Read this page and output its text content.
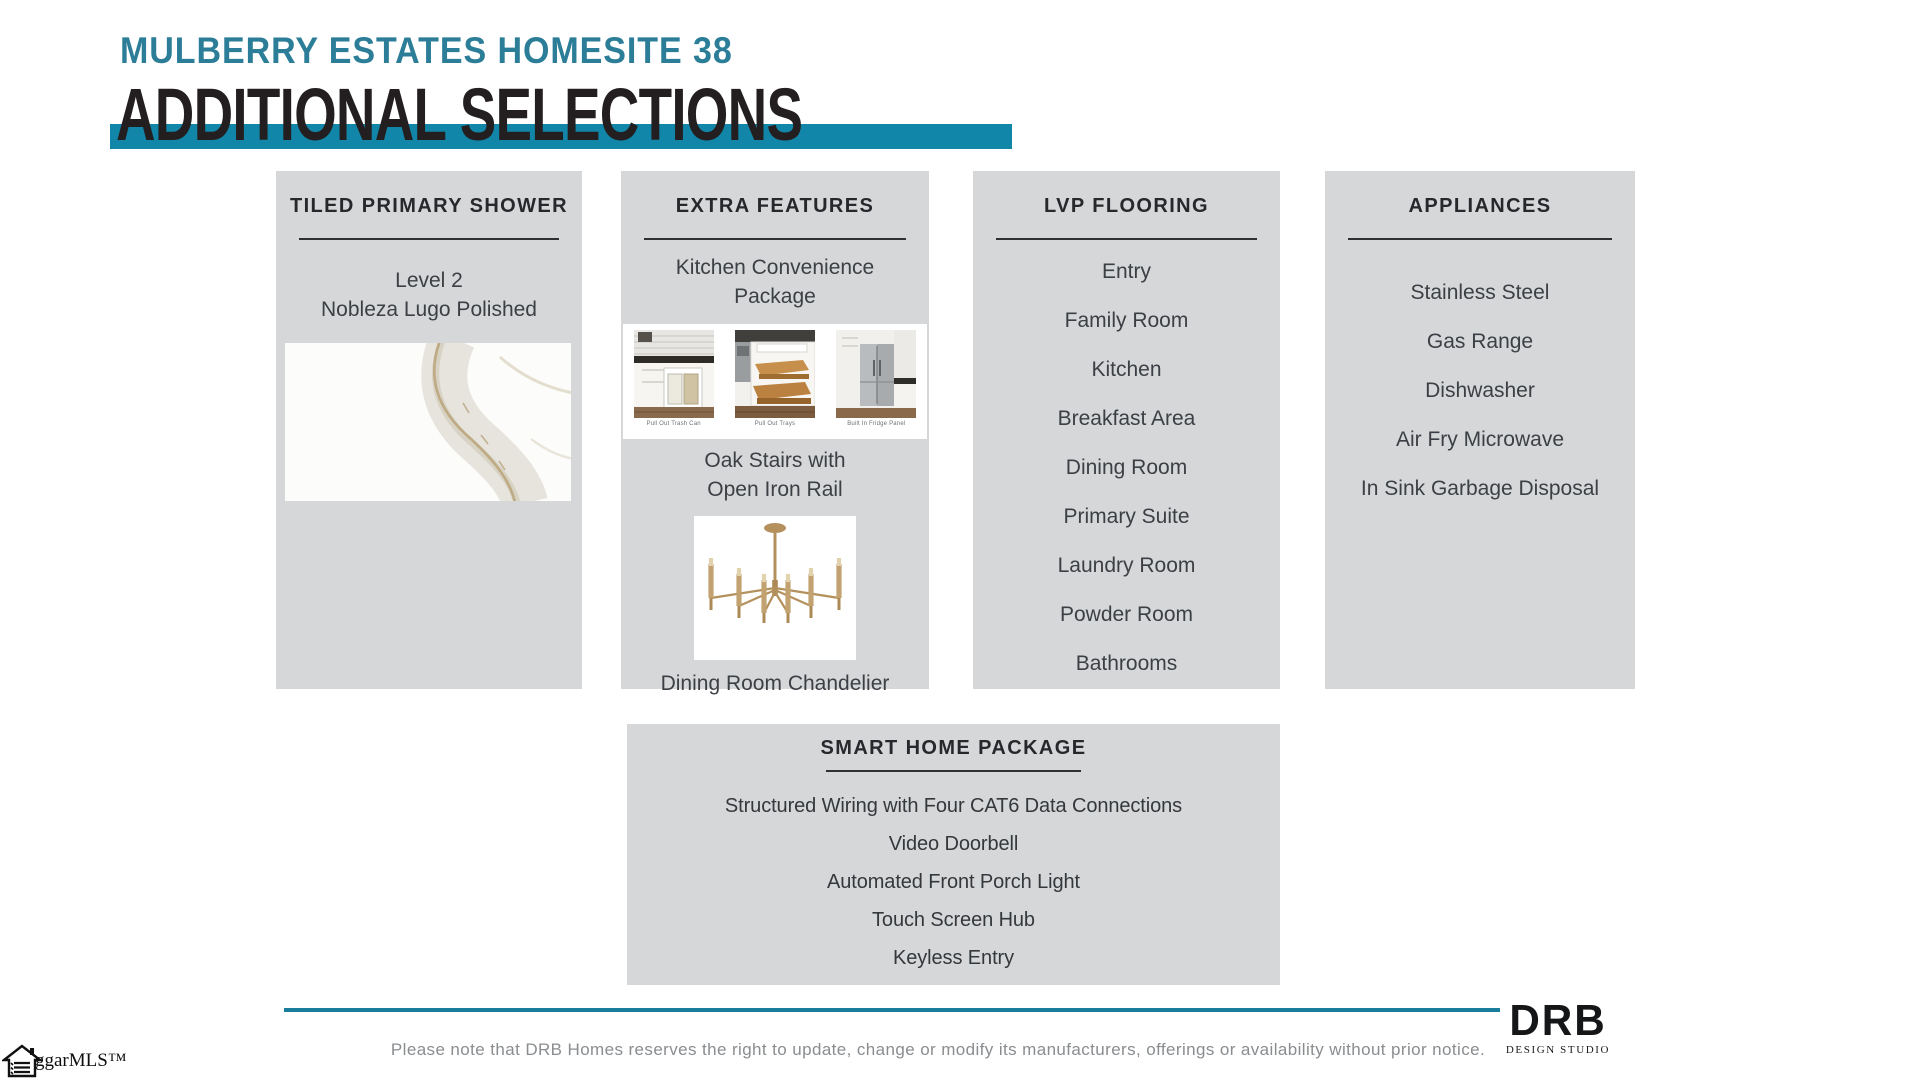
MULBERRY ESTATES HOMESITE 38
ADDITIONAL SELECTIONS
TILED PRIMARY SHOWER
Level 2
Nobleza Lugo Polished
EXTRA FEATURES
Kitchen Convenience
Package
Pull Out Trash Can	Pull Out Trays	Built In Fridge Panel
Oak Stairs with
Open Iron Rail
Dining Room Chandelier
LVP FLOORING
Entry
Family Room
Kitchen
Breakfast Area
Dining Room
Primary Suite
Laundry Room
Powder Room
Bathrooms
APPLIANCES
Stainless Steel
Gas Range
Dishwasher
Air Fry Microwave
In Sink Garbage Disposal
SMART HOME PACKAGE
Structured Wiring with Four CAT6 Data Connections
Video Doorbell
Automated Front Porch Light
Touch Screen Hub
Keyless Entry
Please note that DRB Homes reserves the right to update, change or modify its manufacturers, offerings or availability without prior notice.
DRB
DESIGN STUDIO
ggarMLS™
